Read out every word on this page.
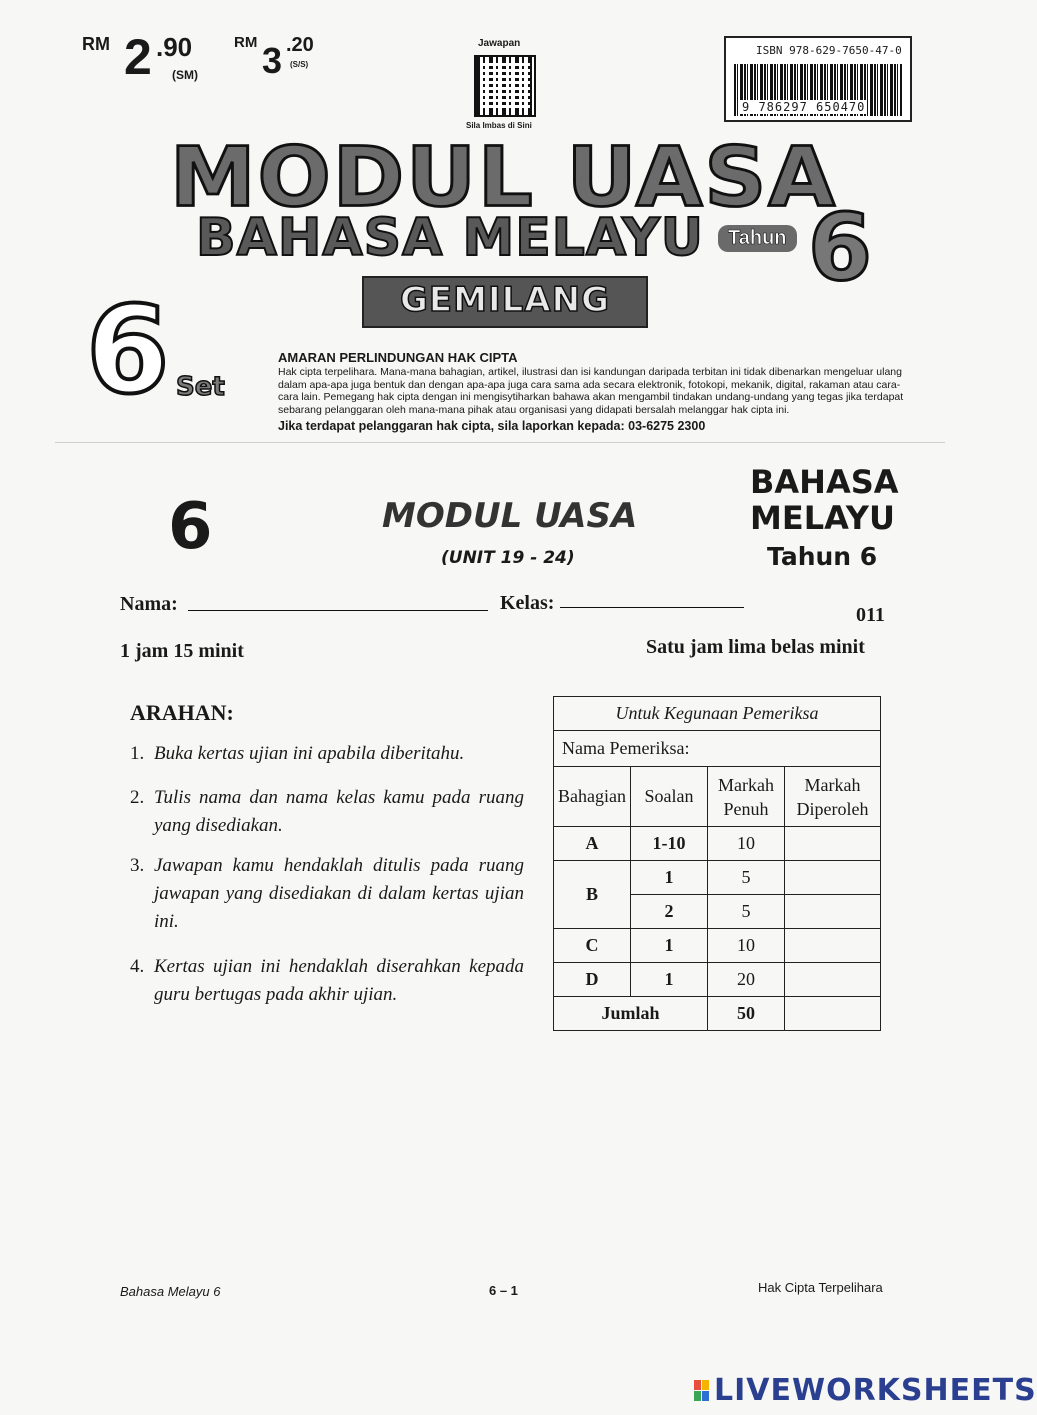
RM 2 .90
(SM)
RM 3 .20
(S/S)
Jawapan
Sila Imbas di Sini
ISBN 978-629-7650-47-0
9 786297 650470
MODUL UASA
BAHASA MELAYU	Tahun 6
GEMILANG
6 Set
AMARAN PERLINDUNGAN HAK CIPTA
Hak cipta terpelihara. Mana-mana bahagian, artikel, ilustrasi dan isi kandungan daripada terbitan ini tidak dibenarkan mengeluar ulang dalam apa-apa juga bentuk dan dengan apa-apa juga cara sama ada secara elektronik, fotokopi, mekanik, digital, rakaman atau cara-cara lain. Pemegang hak cipta dengan ini mengisytiharkan bahawa akan mengambil tindakan undang-undang yang tegas jika terdapat sebarang pelanggaran oleh mana-mana pihak atau organisasi yang didapati bersalah melanggar hak cipta ini.
Jika terdapat pelanggaran hak cipta, sila laporkan kepada: 03-6275 2300
6	MODUL UASA
(UNIT 19 - 24)
BAHASA
MELAYU
Tahun 6
Nama:	Kelas:
011
1 jam 15 minit	Satu jam lima belas minit
ARAHAN:
1. Buka kertas ujian ini apabila diberitahu.
2. Tulis nama dan nama kelas kamu pada ruang yang disediakan.
3. Jawapan kamu hendaklah ditulis pada ruang jawapan yang disediakan di dalam kertas ujian ini.
4. Kertas ujian ini hendaklah diserahkan kepada guru bertugas pada akhir ujian.
Untuk Kegunaan Pemeriksa			
Nama Pemeriksa:			
Bahagian	Soalan	Markah Penuh	Markah Diperoleh
A	1-10	10	
B	1	5	
	2	5	
C	1	10	
D	1	20	
Jumlah		50	
Bahasa Melayu 6	6 – 1	Hak Cipta Terpelihara
LIVEWORKSHEETS
